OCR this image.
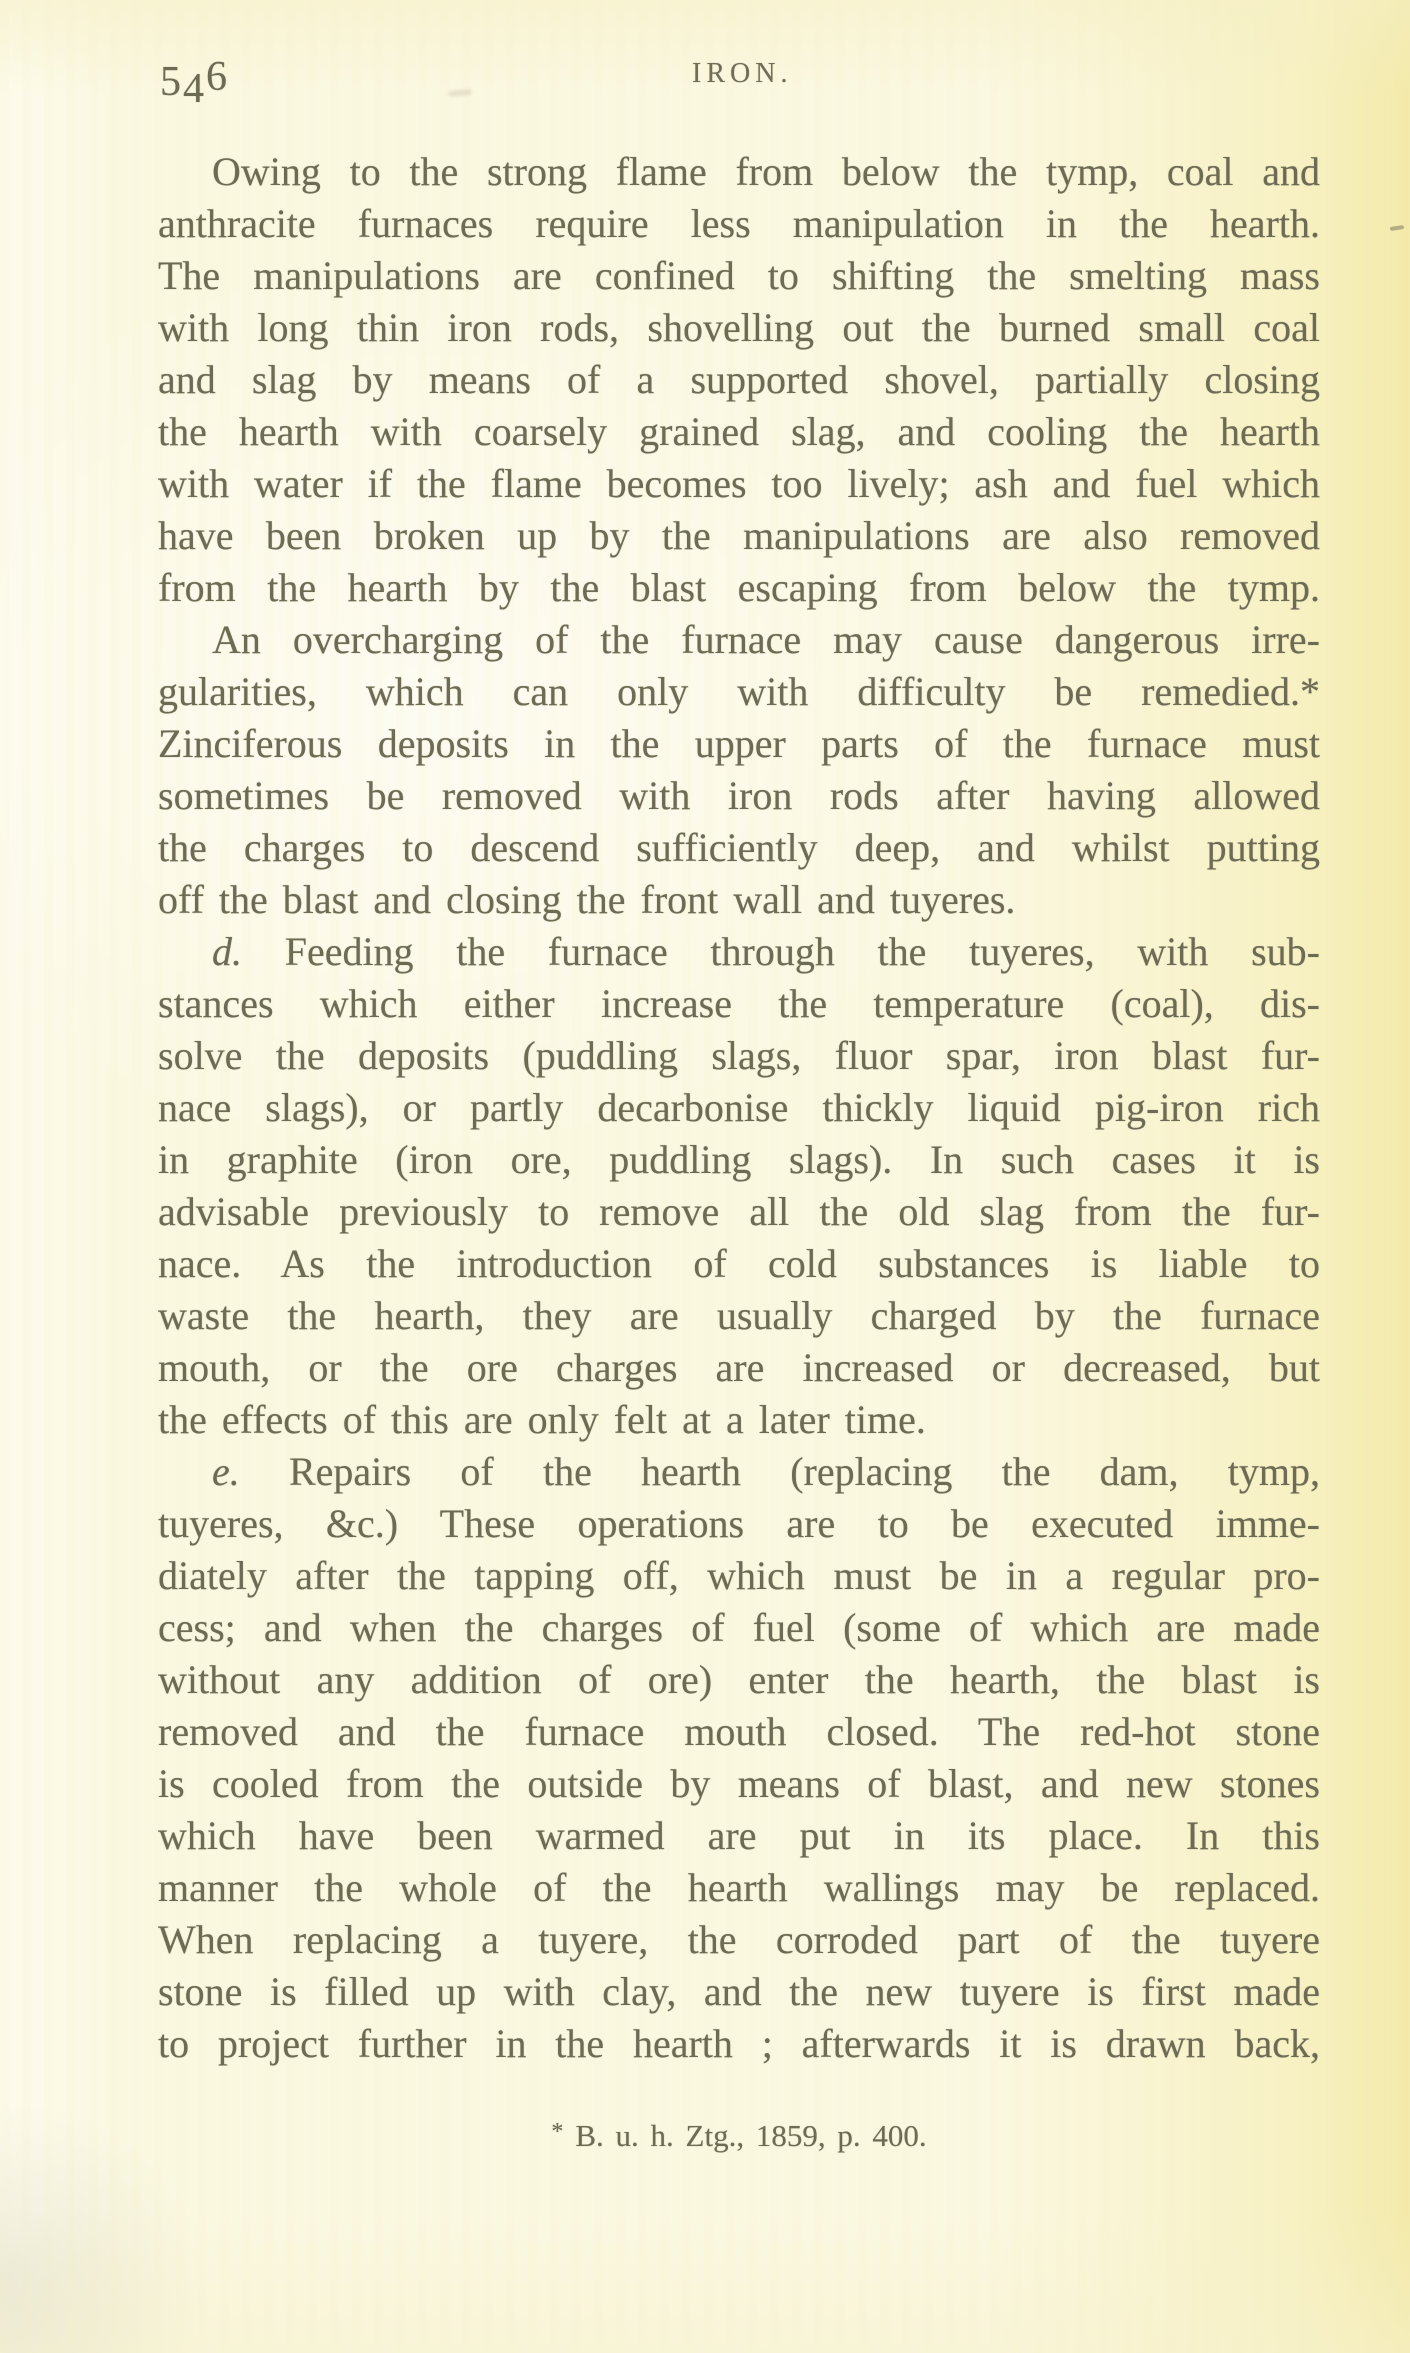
546	IRON.
Owing to the strong flame from below the tymp, coal and
anthracite furnaces require less manipulation in the hearth.
The manipulations are confined to shifting the smelting mass
with long thin iron rods, shovelling out the burned small coal
and slag by means of a supported shovel, partially closing
the hearth with coarsely grained slag, and cooling the hearth
with water if the flame becomes too lively; ash and fuel which
have been broken up by the manipulations are also removed
from the hearth by the blast escaping from below the tymp.
An overcharging of the furnace may cause dangerous irre-
gularities, which can only with difficulty be remedied.*
Zinciferous deposits in the upper parts of the furnace must
sometimes be removed with iron rods after having allowed
the charges to descend sufficiently deep, and whilst putting
off the blast and closing the front wall and tuyeres.
d. Feeding the furnace through the tuyeres, with sub-
stances which either increase the temperature (coal), dis-
solve the deposits (puddling slags, fluor spar, iron blast fur-
nace slags), or partly decarbonise thickly liquid pig-iron rich
in graphite (iron ore, puddling slags). In such cases it is
advisable previously to remove all the old slag from the fur-
nace. As the introduction of cold substances is liable to
waste the hearth, they are usually charged by the furnace
mouth, or the ore charges are increased or decreased, but
the effects of this are only felt at a later time.
e. Repairs of the hearth (replacing the dam, tymp,
tuyeres, &c.) These operations are to be executed imme-
diately after the tapping off, which must be in a regular pro-
cess; and when the charges of fuel (some of which are made
without any addition of ore) enter the hearth, the blast is
removed and the furnace mouth closed. The red-hot stone
is cooled from the outside by means of blast, and new stones
which have been warmed are put in its place. In this
manner the whole of the hearth wallings may be replaced.
When replacing a tuyere, the corroded part of the tuyere
stone is filled up with clay, and the new tuyere is first made
to project further in the hearth ; afterwards it is drawn back,
* B. u. h. Ztg., 1859, p. 400.
